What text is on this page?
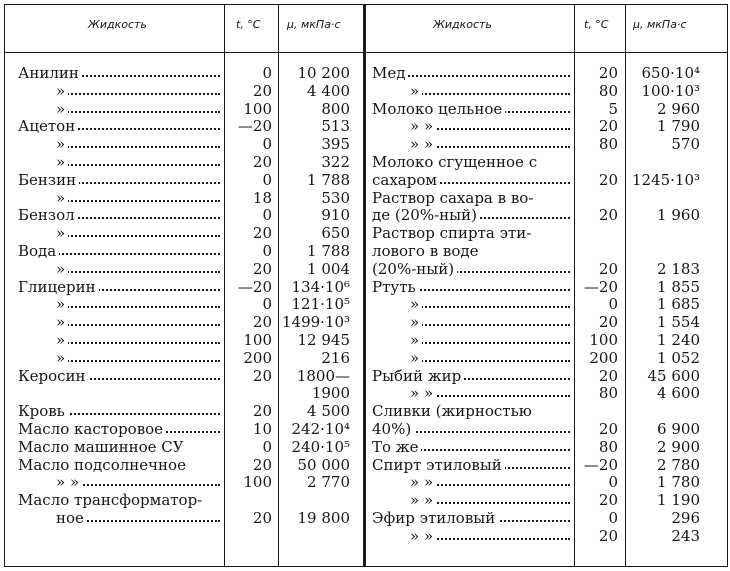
Жидкость	t, °C μ, мкПа·с	Жидкость	t, °C μ, мкПа·с
Анилин	0	10 200
»	20	4 400
»	100	800
Ацетон	—20	513
»	0	395
»	20	322
Бензин	0	1 788
»	18	530
Бензол	0	910
»	20	650
Вода	0	1 788
»	20	1 004
Глицерин	—20	134·10⁶
»	0	121·10⁵
»	20 1499·10³
»	100	12 945
»	200	216
Керосин	20	1800—
1900
Кровь	20	4 500
Масло касторовое	10	242·10⁴
Масло машинное СУ	0	240·10⁵
Масло подсолнечное	20	50 000
» »	100	2 770
Масло трансформатор-
ное	20	19 800
Мед	20	650·10⁴
»	80	100·10³
Молоко цельное	5	2 960
» »	20	1 790
» »	80	570
Молоко сгущенное с
сахаром	20 1245·10³
Раствор сахара в во-
де (20%-ный)	20	1 960
Раствор спирта эти-
лового в воде
(20%-ный)	20	2 183
Ртуть	—20	1 855
»	0	1 685
»	20	1 554
»	100	1 240
»	200	1 052
Рыбий жир	20	45 600
» »	80	4 600
Сливки (жирностью
40%)	20	6 900
То же	80	2 900
Спирт этиловый	—20	2 780
» »	0	1 780
» »	20	1 190
Эфир этиловый	0	296
» »	20	243
